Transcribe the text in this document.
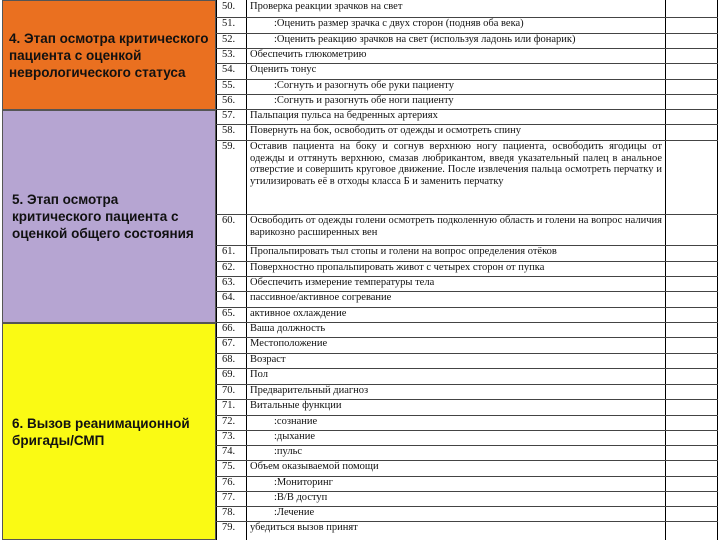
4. Этап осмотра критического пациента с оценкой неврологического статуса
5. Этап осмотра критического пациента с оценкой общего состояния
6. Вызов реанимационной бригады/СМП
50.	Проверка реакции зрачков на свет
51.	:Оценить размер зрачка с двух сторон (подняв оба века)
52.	:Оценить реакцию зрачков на свет (используя ладонь или фонарик)
53.	Обеспечить глюкометрию
54.	Оценить тонус
55.	:Согнуть и разогнуть обе руки пациенту
56.	:Согнуть и разогнуть обе ноги пациенту
57.	Пальпация пульса на бедренных артериях
58.	Повернуть на бок, освободить от одежды и осмотреть спину
59.	Оставив пациента на боку и согнув верхнюю ногу пациента, освободить ягодицы от одежды и оттянуть верхнюю, смазав любрикантом, введя указательный палец в анальное отверстие и совершить круговое движение. После извлечения пальца осмотреть перчатку и утилизировать её в отходы класса Б и заменить перчатку
60.	Освободить от одежды голени осмотреть подколенную область и голени на вопрос наличия варикозно расширенных вен
61.	Пропальпировать тыл стопы и голени на вопрос определения отёков
62.	Поверхностно пропальпировать живот с четырех сторон от пупка
63.	Обеспечить измерение температуры тела
64.	пассивное/активное согревание
65.	активное охлаждение
66.	Ваша должность
67.	Местоположение
68.	Возраст
69.	Пол
70.	Предварительный диагноз
71.	Витальные функции
72.	:сознание
73.	:дыхание
74.	:пульс
75.	Объем оказываемой помощи
76.	:Мониторинг
77.	:В/В доступ
78.	:Лечение
79.	убедиться вызов принят
